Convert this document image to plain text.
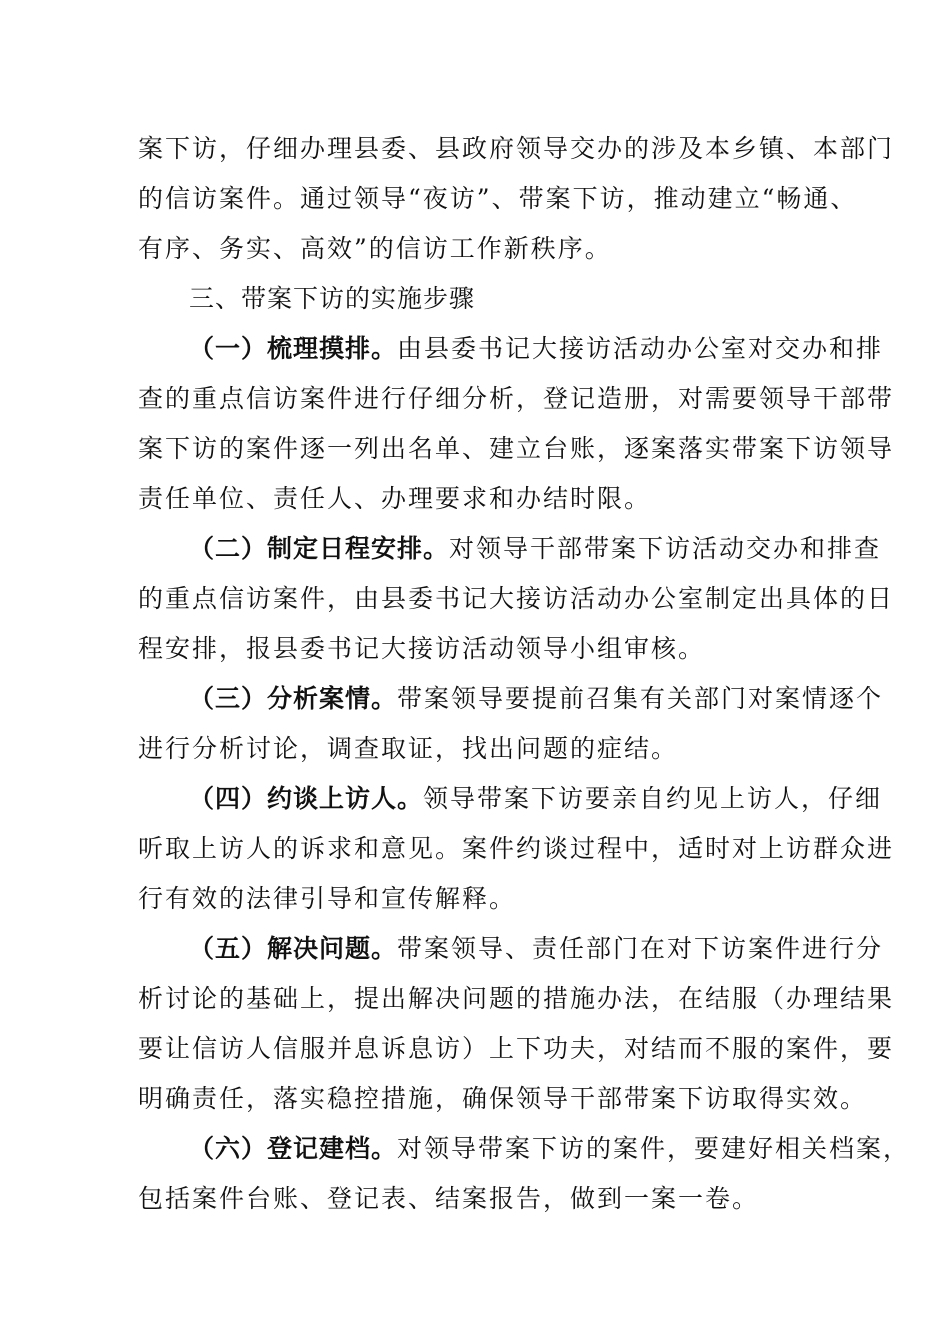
案下访，仔细办理县委、县政府领导交办的涉及本乡镇、本部门
的信访案件。通过领导“夜访”、带案下访，推动建立“畅通、
有序、务实、高效”的信访工作新秩序。
三、带案下访的实施步骤
（一）梳理摸排。由县委书记大接访活动办公室对交办和排
查的重点信访案件进行仔细分析，登记造册，对需要领导干部带
案下访的案件逐一列出名单、建立台账，逐案落实带案下访领导
责任单位、责任人、办理要求和办结时限。
（二）制定日程安排。对领导干部带案下访活动交办和排查
的重点信访案件，由县委书记大接访活动办公室制定出具体的日
程安排，报县委书记大接访活动领导小组审核。
（三）分析案情。带案领导要提前召集有关部门对案情逐个
进行分析讨论，调查取证，找出问题的症结。
（四）约谈上访人。领导带案下访要亲自约见上访人，仔细
听取上访人的诉求和意见。案件约谈过程中，适时对上访群众进
行有效的法律引导和宣传解释。
（五）解决问题。带案领导、责任部门在对下访案件进行分
析讨论的基础上，提出解决问题的措施办法，在结服（办理结果
要让信访人信服并息诉息访）上下功夫，对结而不服的案件，要
明确责任，落实稳控措施，确保领导干部带案下访取得实效。
（六）登记建档。对领导带案下访的案件，要建好相关档案，
包括案件台账、登记表、结案报告，做到一案一卷。
